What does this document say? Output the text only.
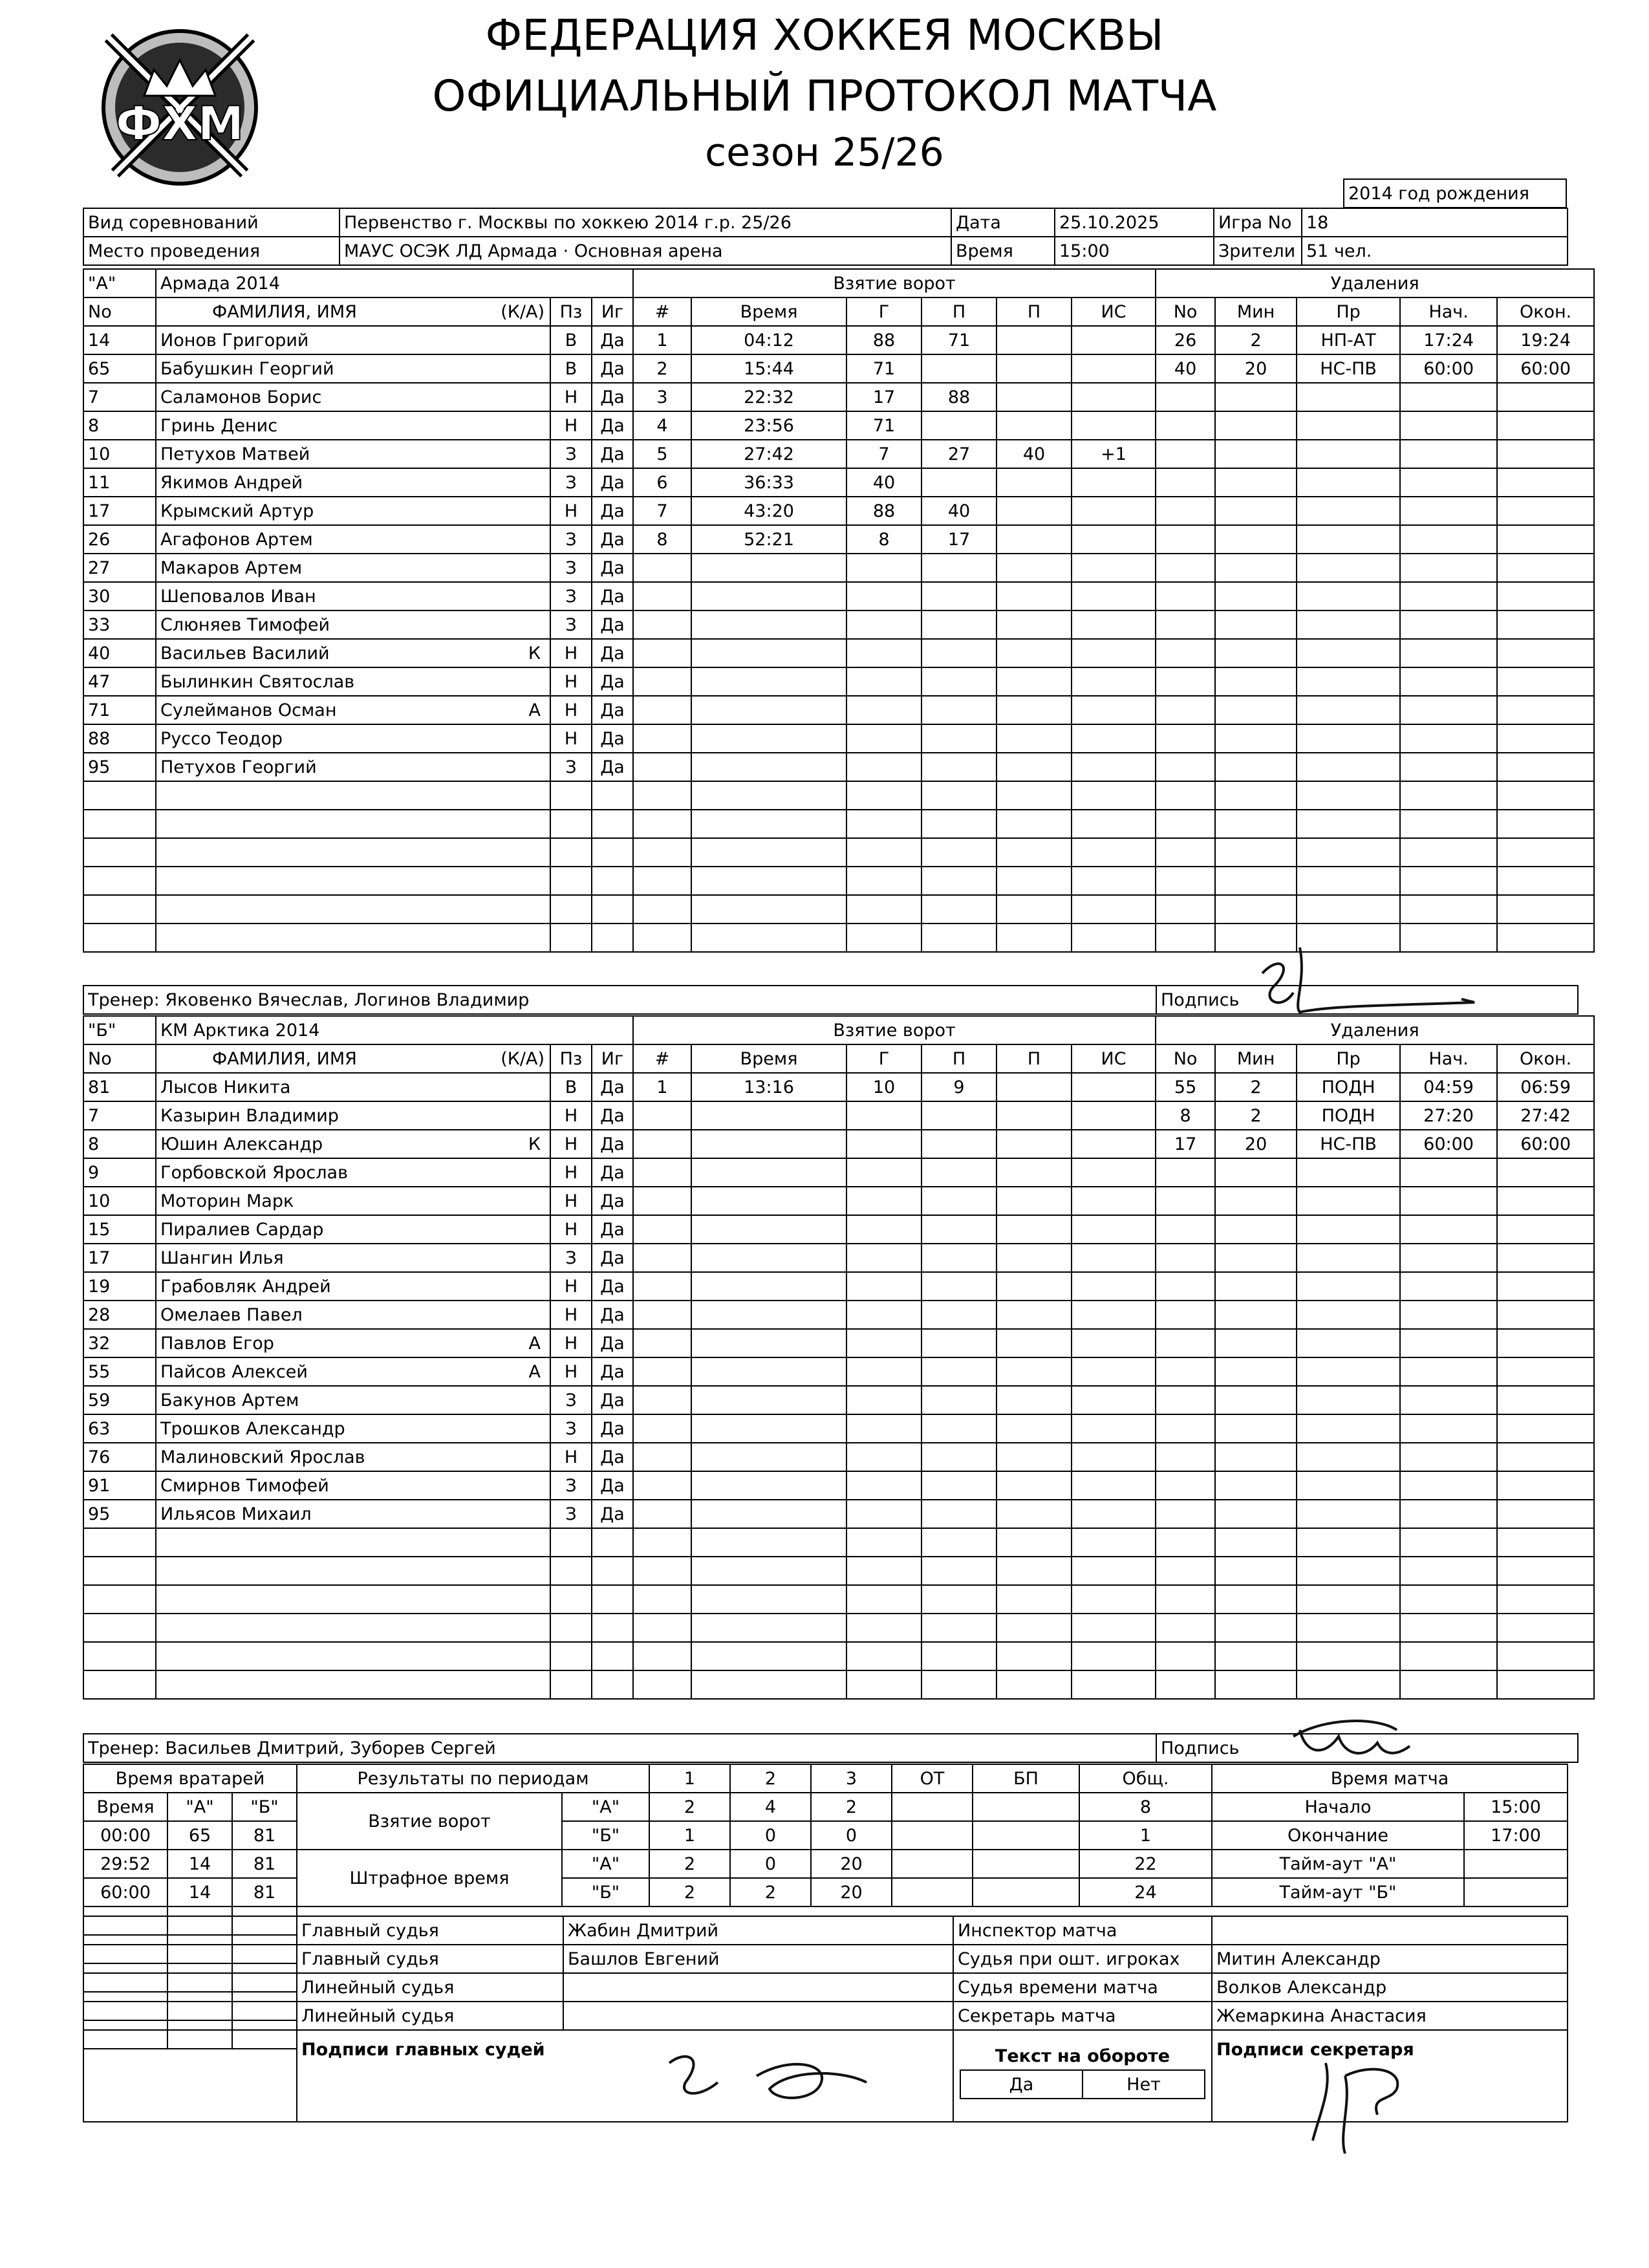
ФЕДЕРАЦИЯ ХОККЕЯ МОСКВЫ
ОФИЦИАЛЬНЫЙ ПРОТОКОЛ МАТЧА
сезон 25/26
ФХМ
2014 год рождения
Вид соревнований	Первенство г. Москвы по хоккею 2014 г.р. 25/26	Дата	25.10.2025	Игра No	18
Место проведения	МАУС ОСЭК ЛД Армада · Основная арена	Время	15:00	Зрители	51 чел.
"А"	Армада 2014			Взятие ворот						Удаления				
No	ФАМИЛИЯ, ИМЯ (К/А)	Пз	Иг	#	Время	Г	П	П	ИС	No	Мин	Пр	Нач.	Окон.
14	Ионов Григорий	В	Да	1	04:12	88	71			26	2	НП-АТ	17:24	19:24
65	Бабушкин Георгий	В	Да	2	15:44	71				40	20	НС-ПВ	60:00	60:00
7	Саламонов Борис	Н	Да	3	22:32	17	88							
8	Гринь Денис	Н	Да	4	23:56	71								
10	Петухов Матвей	З	Да	5	27:42	7	27	40	+1					
11	Якимов Андрей	З	Да	6	36:33	40								
17	Крымский Артур	Н	Да	7	43:20	88	40							
26	Агафонов Артем	З	Да	8	52:21	8	17							
27	Макаров Артем	З	Да											
30	Шеповалов Иван	З	Да											
33	Слюняев Тимофей	З	Да											
40	Васильев Василий К	Н	Да											
47	Былинкин Святослав	Н	Да											
71	Сулейманов Осман А	Н	Да											
88	Руссо Теодор	Н	Да											
95	Петухов Георгий	З	Да											

Тренер: Яковенко Вячеслав, Логинов Владимир	Подпись
"Б"	КМ Арктика 2014			Взятие ворот						Удаления				
No	ФАМИЛИЯ, ИМЯ (К/А)	Пз	Иг	#	Время	Г	П	П	ИС	No	Мин	Пр	Нач.	Окон.
81	Лысов Никита	В	Да	1	13:16	10	9			55	2	ПОДН	04:59	06:59
7	Казырин Владимир	Н	Да							8	2	ПОДН	27:20	27:42
8	Юшин Александр К	Н	Да							17	20	НС-ПВ	60:00	60:00
9	Горбовской Ярослав	Н	Да											
10	Моторин Марк	Н	Да											
15	Пиралиев Сардар	Н	Да											
17	Шангин Илья	З	Да											
19	Грабовляк Андрей	Н	Да											
28	Омелаев Павел	Н	Да											
32	Павлов Егор А	Н	Да											
55	Пайсов Алексей А	Н	Да											
59	Бакунов Артем	З	Да											
63	Трошков Александр	З	Да											
76	Малиновский Ярослав	Н	Да											
91	Смирнов Тимофей	З	Да											
95	Ильясов Михаил	З	Да											

Тренер: Васильев Дмитрий, Зуборев Сергей	Подпись
Время вратарей		
Время	"А"	"Б"
00:00	65	81
29:52	14	81
60:00	14	81

Результаты по периодам		1	2	3	ОТ	БП	Общ.
Взятие ворот	"А"	2	4	2			8
	"Б"	1	0	0			1
Штрафное время	"А"	2	0	20			22
	"Б"	2	2	20			24
Время матча	
Начало	15:00
Окончание	17:00
Тайм-аут "А"	
Тайм-аут "Б"	
	Главный судья	Жабин Дмитрий	Инспектор матча	
	Главный судья	Башлов Евгений	Судья при ошт. игроках	Митин Александр
	Линейный судья		Судья времени матча	Волков Александр
	Линейный судья		Секретарь матча	Жемаркина Анастасия
	Подписи главных судей		Текст на обороте
Да	Нет
	Подписи секретаря
